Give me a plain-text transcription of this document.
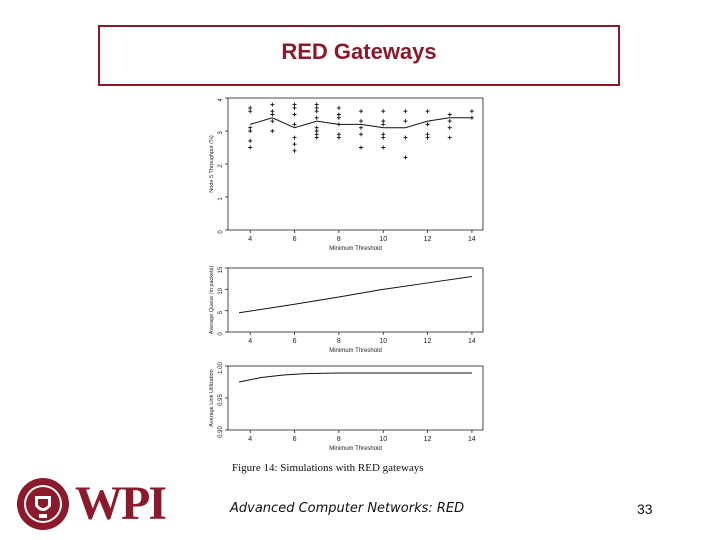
RED Gateways
4	6	8	10	12	14
0
1
2
3
4
Minimum Threshold
Node 5 Throughput (%)
4	6	8	10	12	14
0
5
10
15
Minimum Threshold
Average Queue (in packets)
4	6	8	10	12	14
0.90
0.95
1.00
Minimum Threshold
Average Link Utilization
Figure 14: Simulations with RED gateways
WPI	Advanced Computer Networks: RED	33
